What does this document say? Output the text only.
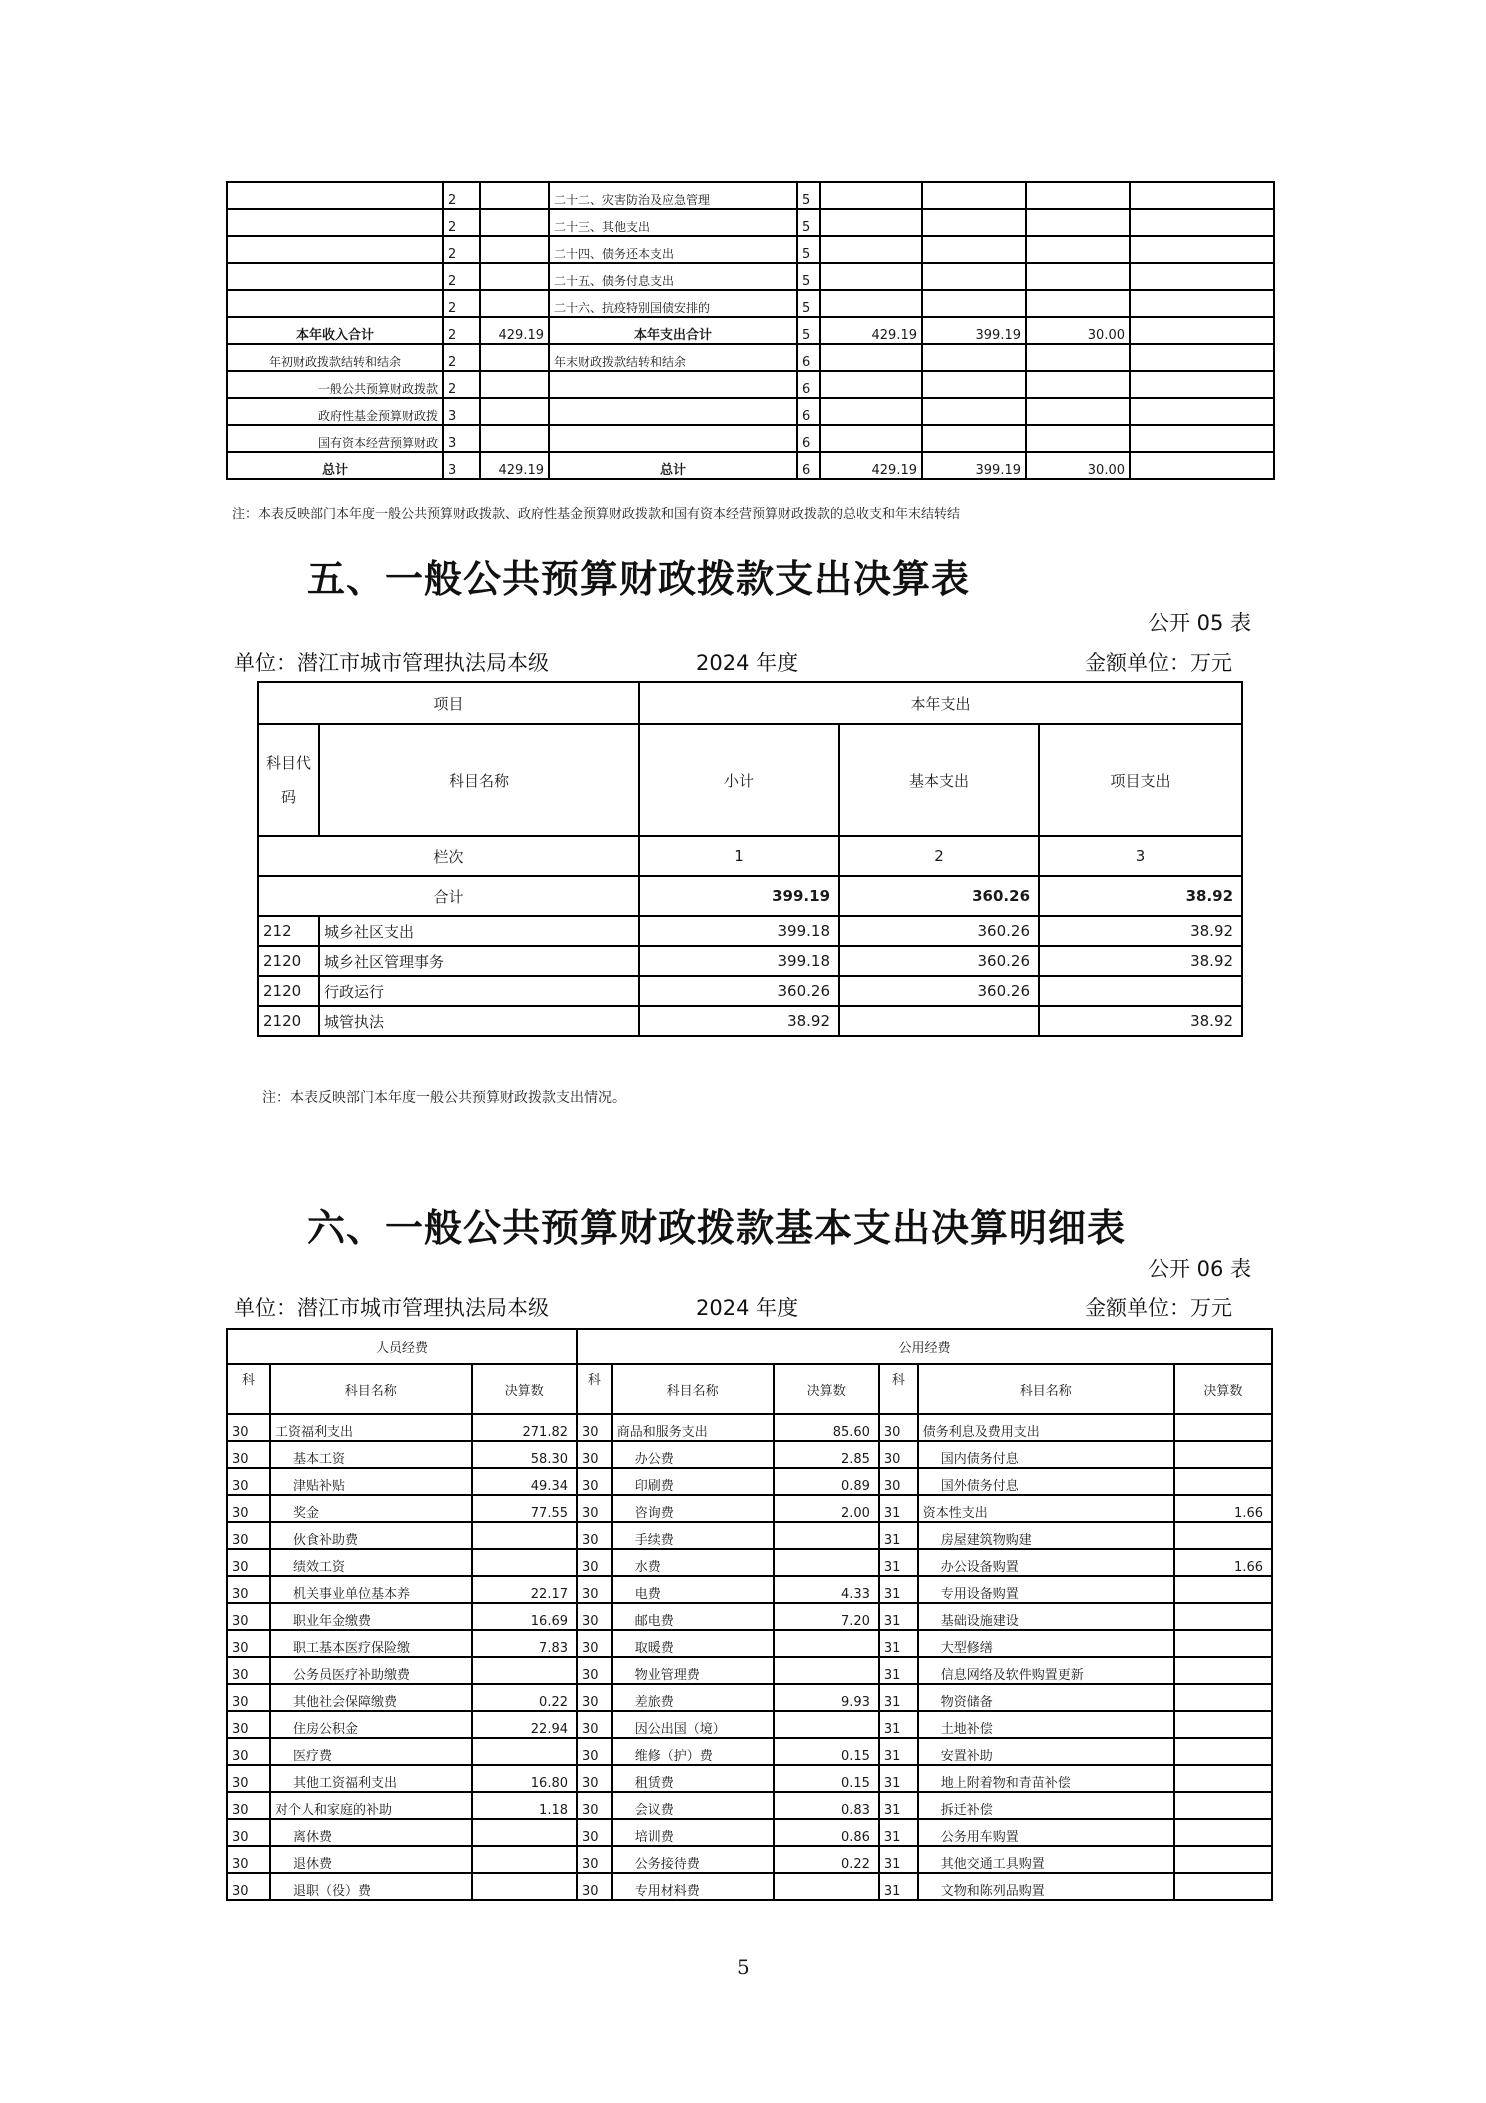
	2		二十二、灾害防治及应急管理	5				
	2		二十三、其他支出	5				
	2		二十四、债务还本支出	5				
	2		二十五、债务付息支出	5				
	2		二十六、抗疫特别国债安排的	5				
本年收入合计	2	429.19	本年支出合计	5	429.19	399.19	30.00	
年初财政拨款结转和结余	2		年末财政拨款结转和结余	6				
一般公共预算财政拨款	2			6				
政府性基金预算财政拨	3			6				
国有资本经营预算财政	3			6				
总计	3	429.19	总计	6	429.19	399.19	30.00	
注：本表反映部门本年度一般公共预算财政拨款、政府性基金预算财政拨款和国有资本经营预算财政拨款的总收支和年末结转结
五、一般公共预算财政拨款支出决算表
公开 05 表
单位：潜江市城市管理执法局本级	2024 年度	金额单位：万元
项目		本年支出		
科目代码	科目名称	小计	基本支出	项目支出
栏次		1	2	3
合计		399.19	360.26	38.92
212	城乡社区支出	399.18	360.26	38.92
2120	城乡社区管理事务	399.18	360.26	38.92
2120	行政运行	360.26	360.26	
2120	城管执法	38.92		38.92
注：本表反映部门本年度一般公共预算财政拨款支出情况。
六、一般公共预算财政拨款基本支出决算明细表
公开 06 表
单位：潜江市城市管理执法局本级	2024 年度	金额单位：万元
人员经费			公用经费					
科	科目名称	决算数	科	科目名称	决算数	科	科目名称	决算数
30	工资福利支出	271.82	30	商品和服务支出	85.60	30	债务利息及费用支出	
30	基本工资	58.30	30	办公费	2.85	30	国内债务付息	
30	津贴补贴	49.34	30	印刷费	0.89	30	国外债务付息	
30	奖金	77.55	30	咨询费	2.00	31	资本性支出	1.66
30	伙食补助费		30	手续费		31	房屋建筑物购建	
30	绩效工资		30	水费		31	办公设备购置	1.66
30	机关事业单位基本养	22.17	30	电费	4.33	31	专用设备购置	
30	职业年金缴费	16.69	30	邮电费	7.20	31	基础设施建设	
30	职工基本医疗保险缴	7.83	30	取暖费		31	大型修缮	
30	公务员医疗补助缴费		30	物业管理费		31	信息网络及软件购置更新	
30	其他社会保障缴费	0.22	30	差旅费	9.93	31	物资储备	
30	住房公积金	22.94	30	因公出国（境）		31	土地补偿	
30	医疗费		30	维修（护）费	0.15	31	安置补助	
30	其他工资福利支出	16.80	30	租赁费	0.15	31	地上附着物和青苗补偿	
30	对个人和家庭的补助	1.18	30	会议费	0.83	31	拆迁补偿	
30	离休费		30	培训费	0.86	31	公务用车购置	
30	退休费		30	公务接待费	0.22	31	其他交通工具购置	
30	退职（役）费		30	专用材料费		31	文物和陈列品购置	
5
